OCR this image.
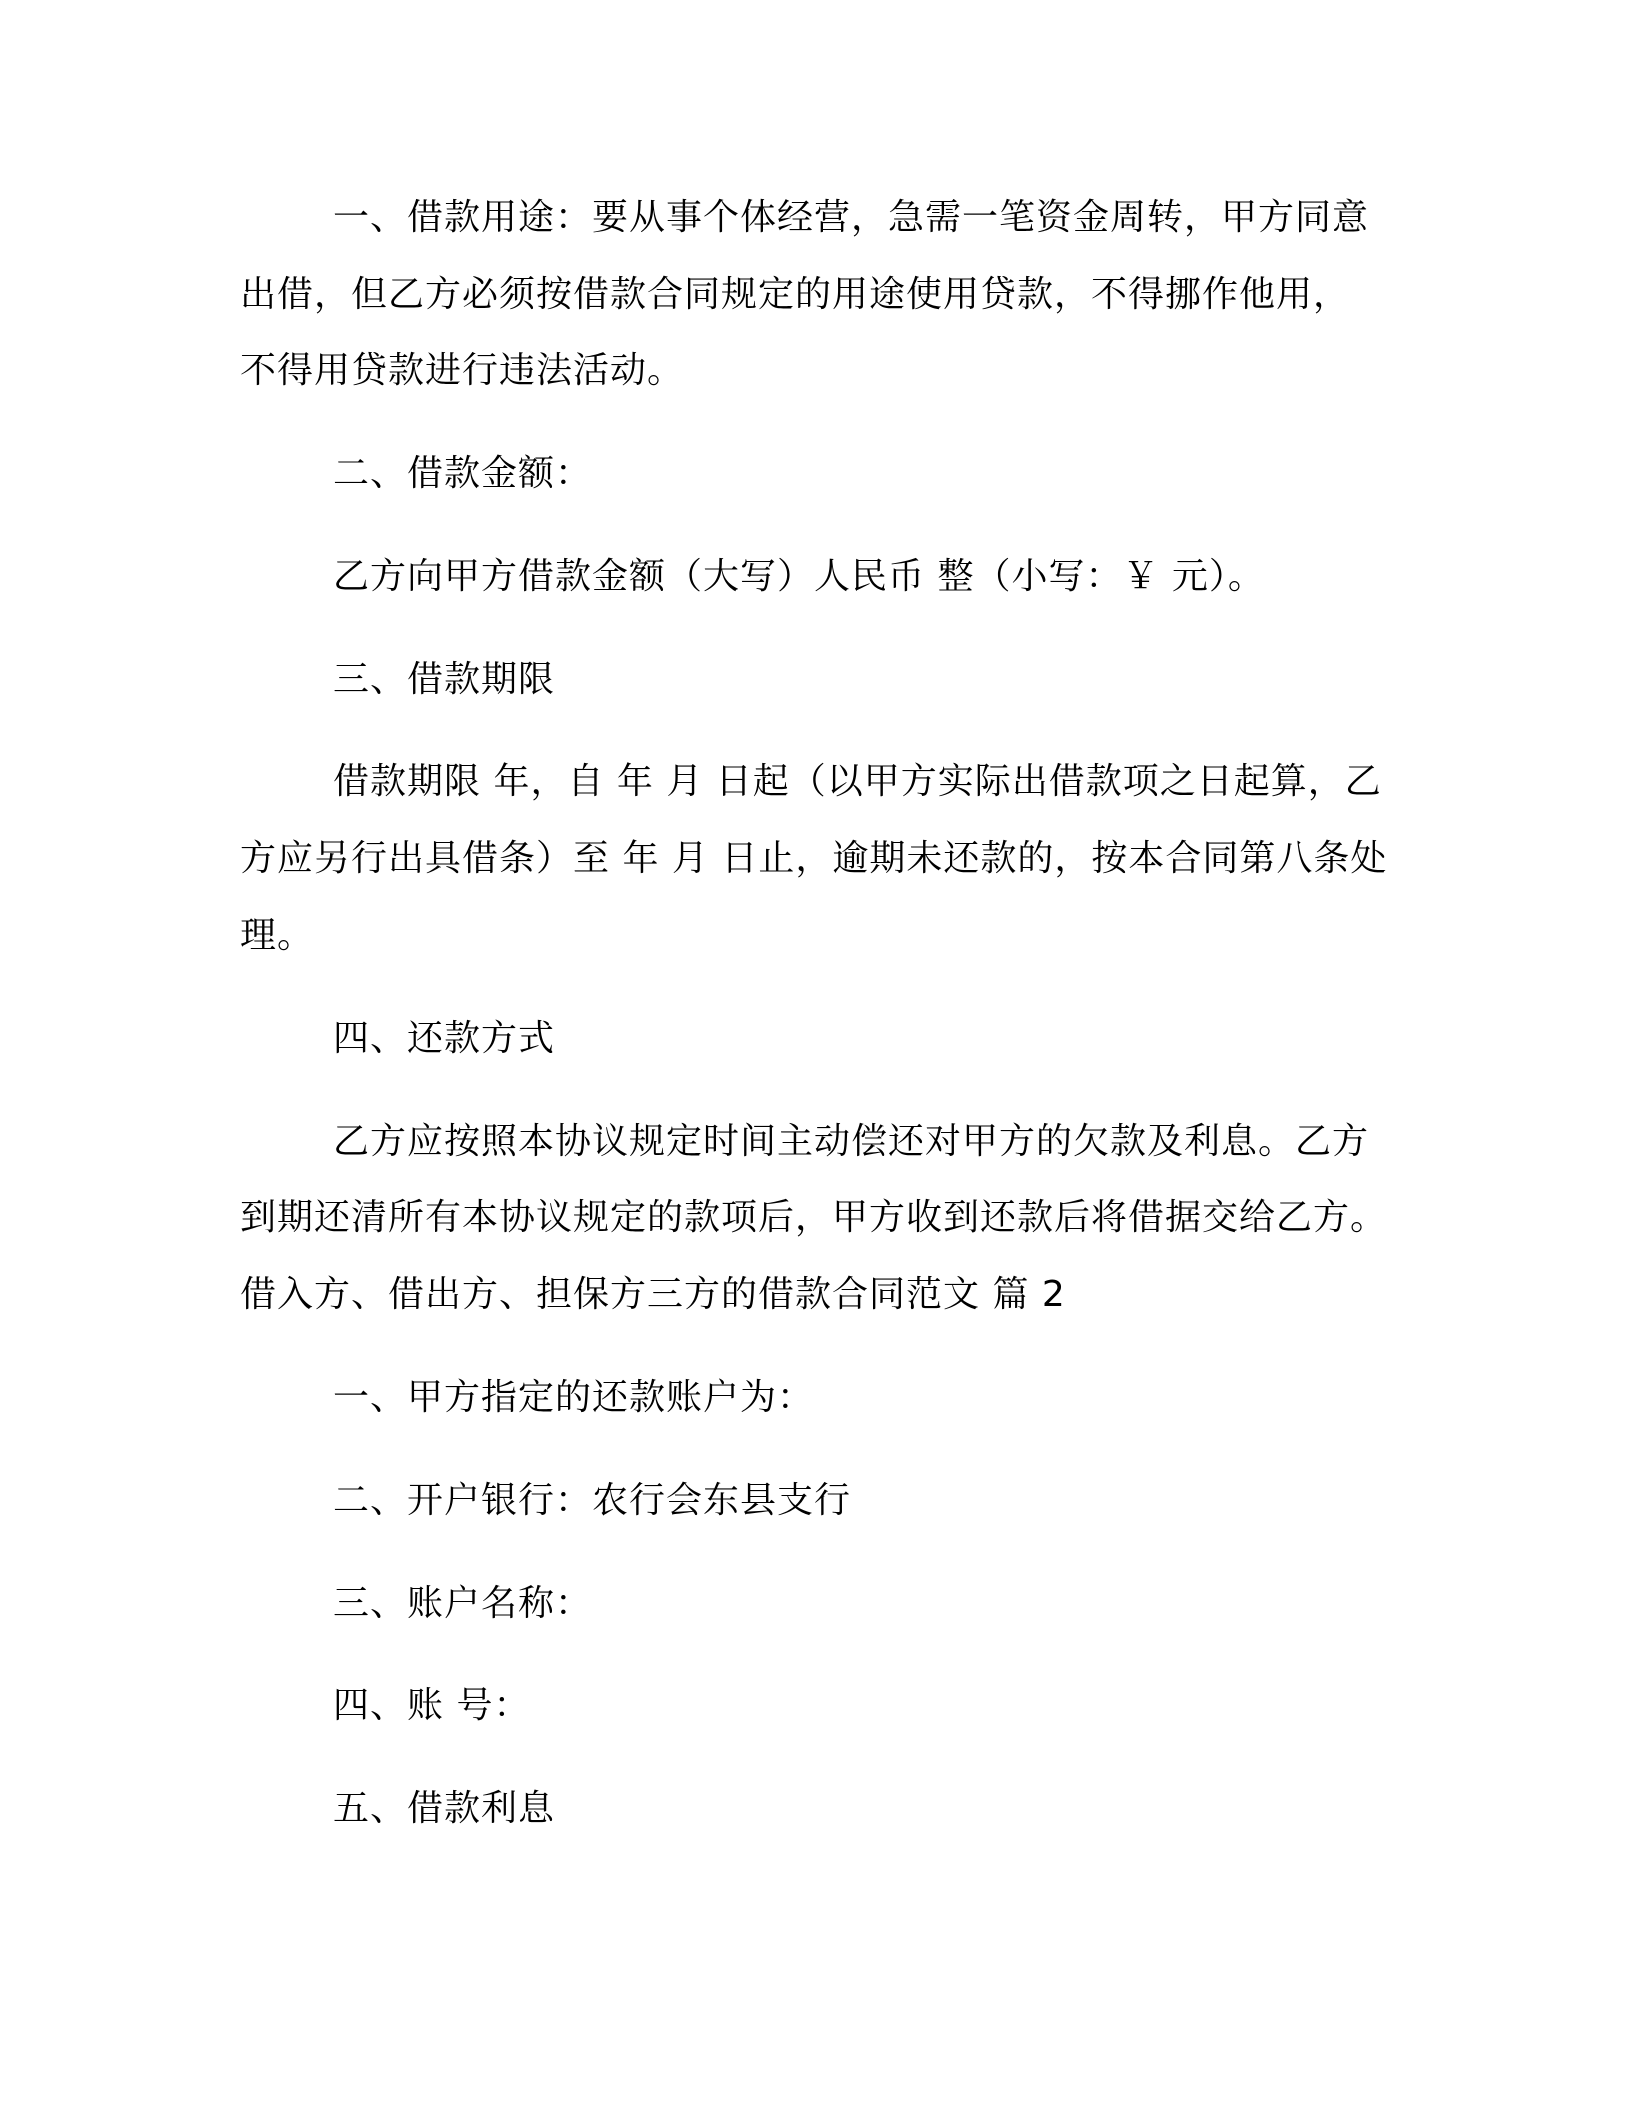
一、借款用途：要从事个体经营，急需一笔资金周转，甲方同意
出借，但乙方必须按借款合同规定的用途使用贷款，不得挪作他用，
不得用贷款进行违法活动。
二、借款金额：
乙方向甲方借款金额（大写）人民币 整（小写：￥ 元）。
三、借款期限
借款期限 年，自 年 月 日起（以甲方实际出借款项之日起算，乙
方应另行出具借条）至 年 月 日止，逾期未还款的，按本合同第八条处
理。
四、还款方式
乙方应按照本协议规定时间主动偿还对甲方的欠款及利息。乙方
到期还清所有本协议规定的款项后，甲方收到还款后将借据交给乙方。
借入方、借出方、担保方三方的借款合同范文 篇 2
一、甲方指定的还款账户为：
二、开户银行：农行会东县支行
三、账户名称：
四、账 号：
五、借款利息
